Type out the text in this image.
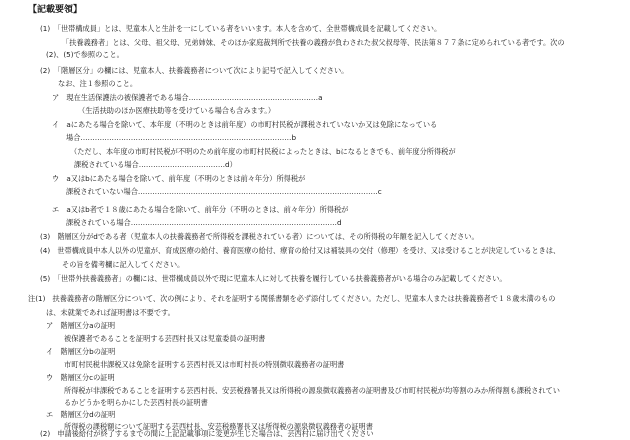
【記載要領】
(1)　「世帯構成員」とは、児童本人と生計を一にしている者をいいます。本人を含めて、全世帯構成員を記載してください。
「扶養義務者」とは、父母、祖父母、兄弟姉妹、そのほか家庭裁判所で扶養の義務が負わされた叔父叔母等、民法第８７７条に定められている者です。次の
(2)、(5)で参照のこと。
(2)　「階層区分」の欄には、児童本人、扶養義務者について次により記号で記入してください。
なお、注１参照のこと。
ア　現在生活保護法の被保護者である場合‥‥‥‥‥‥‥‥‥‥‥‥‥‥‥‥‥‥‥‥‥‥‥‥‥‥‥a
（生活扶助のほか医療扶助等を受けている場合も含みます。）
イ　aにあたる場合を除いて、本年度（不明のときは前年度）の市町村民税が課税されていないか又は免除になっている
場合‥‥‥‥‥‥‥‥‥‥‥‥‥‥‥‥‥‥‥‥‥‥‥‥‥‥‥‥‥‥‥‥‥‥‥‥‥‥‥‥‥‥‥‥b
（ただし、本年度の市町村民税が不明のため前年度の市町村民税によったときは、bになるときでも、前年度分所得税が
課税されている場合‥‥‥‥‥‥‥‥‥‥‥‥‥‥‥‥‥‥d）
ウ　a又はbにあたる場合を除いて、前年度（不明のときは前々年分）所得税が
課税されていない場合‥‥‥‥‥‥‥‥‥‥‥‥‥‥‥‥‥‥‥‥‥‥‥‥‥‥‥‥‥‥‥‥‥‥‥‥‥‥‥‥‥‥‥‥‥‥‥‥‥‥c
エ　a又はb者で１８歳にあたる場合を除いて、前年分（不明のときは、前々年分）所得税が
課税されている場合‥‥‥‥‥‥‥‥‥‥‥‥‥‥‥‥‥‥‥‥‥‥‥‥‥‥‥‥‥‥‥‥‥‥‥‥‥‥‥‥‥‥‥d
(3)　階層区分がdである者（児童本人の扶養義務者で所得税を課税されている者）については、その所得税の年額を記入してください。
(4)　世帯構成員中本人以外の児童が、育成医療の給付、養育医療の給付、療育の給付又は補装具の交付（修理）を受け、又は受けることが決定しているときは、
その旨を備考欄に記入してください。
(5)　「世帯外扶養義務者」の欄には、世帯構成員以外で現に児童本人に対して扶養を履行している扶養義務者がいる場合のみ記載してください。
注(1)　扶養義務者の階層区分について、次の例により、それを証明する関係書類を必ず添付してください。ただし、児童本人または扶養義務者で１８歳未満のもの
は、未就業であれば証明書は不要です。
ア　階層区分aの証明
被保護者であることを証明する芸西村長又は児童委員の証明書
イ　階層区分bの証明
市町村民税非課税又は免除を証明する芸西村長又は市町村長の特別徴収義務者の証明書
ウ　階層区分cの証明
所得税が非課税であることを証明する芸西村長、安芸税務署長又は所得税の源泉徴収義務者の証明書及び市町村民税が均等割のみか所得割も課税されてい
るかどうかを明らかにした芸西村長の証明書
エ　階層区分dの証明
所得税の課税額について証明する芸西村長、安芸税務署長又は所得税の源泉徴収義務者の証明書
(2)　申請後給付が終了するまでの間に上記記載事項に変更が生じた場合は、芸西村に届け出てください
